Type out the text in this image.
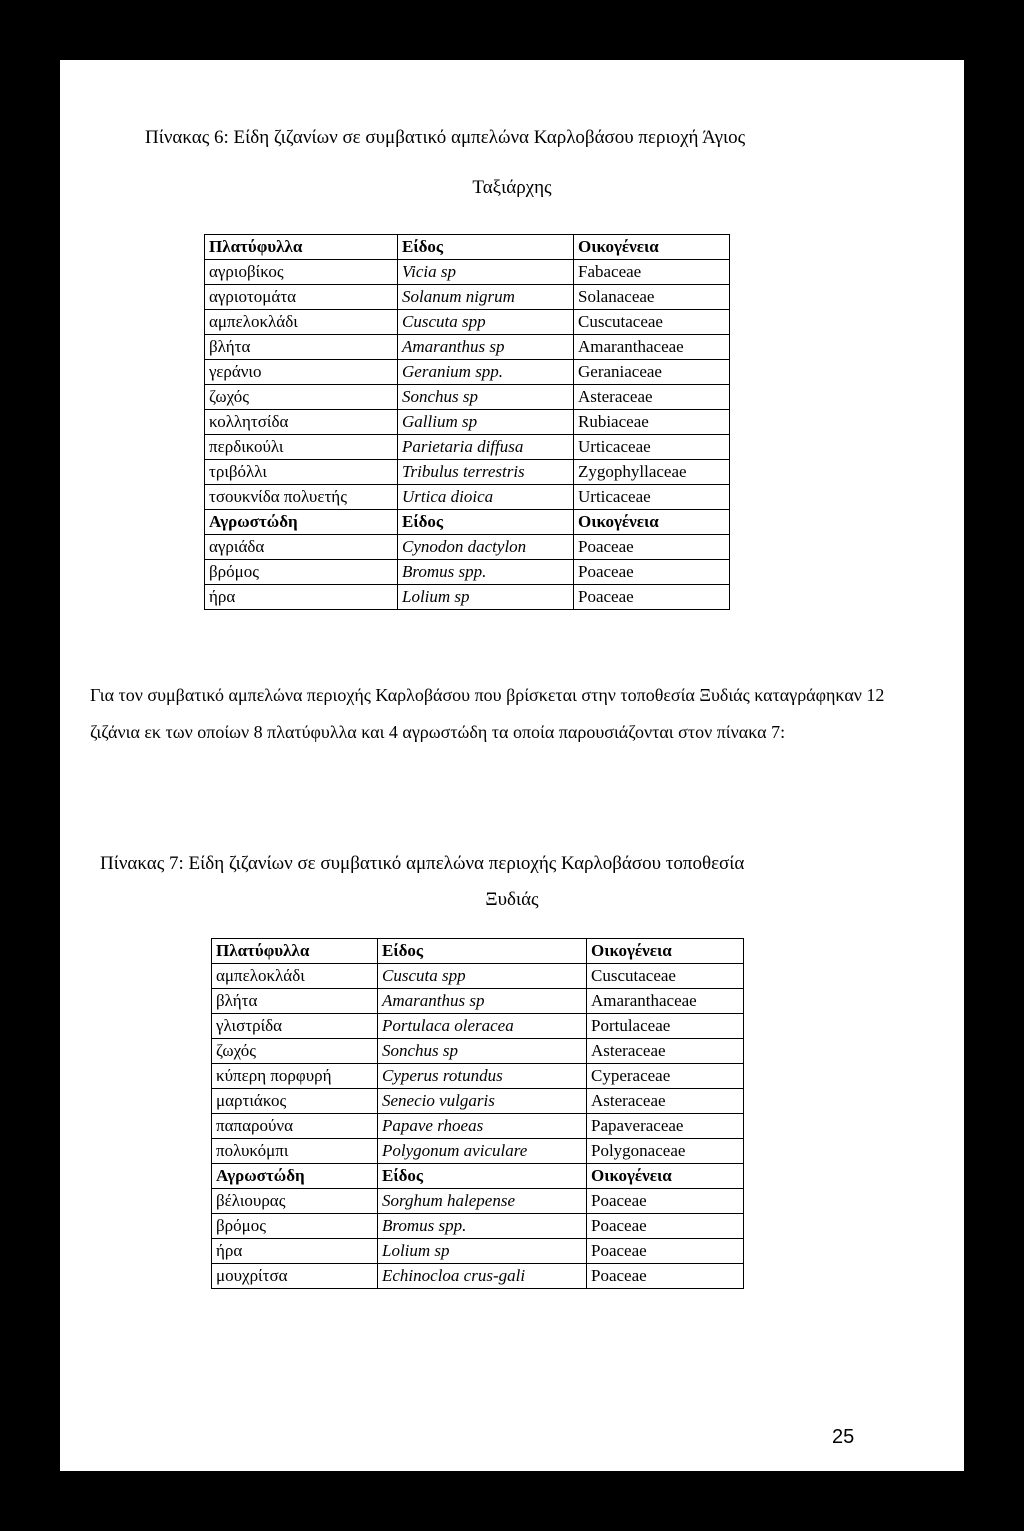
Πίνακας 6: Είδη ζιζανίων σε συμβατικό αμπελώνα Καρλοβάσου περιοχή Άγιος
Ταξιάρχης
Πλατύφυλλα	Είδος	Οικογένεια
αγριοβίκος	Vicia sp	Fabaceae
αγριοτομάτα	Solanum nigrum	Solanaceae
αμπελοκλάδι	Cuscuta spp	Cuscutaceae
βλήτα	Amaranthus sp	Amaranthaceae
γεράνιο	Geranium spp.	Geraniaceae
ζωχός	Sonchus sp	Asteraceae
κολλητσίδα	Gallium sp	Rubiaceae
περδικούλι	Parietaria diffusa	Urticaceae
τριβόλλι	Tribulus terrestris	Zygophyllaceae
τσουκνίδα πολυετής	Urtica dioica	Urticaceae
Αγρωστώδη	Είδος	Οικογένεια
αγριάδα	Cynodon dactylon	Poaceae
βρόμος	Bromus spp.	Poaceae
ήρα	Lolium sp	Poaceae
Για τον συμβατικό αμπελώνα περιοχής Καρλοβάσου που βρίσκεται στην τοποθεσία Ξυδιάς καταγράφηκαν 12 ζιζάνια εκ των οποίων 8 πλατύφυλλα και 4 αγρωστώδη τα οποία παρουσιάζονται στον πίνακα 7:
Πίνακας 7: Είδη ζιζανίων σε συμβατικό αμπελώνα περιοχής Καρλοβάσου τοποθεσία
Ξυδιάς
Πλατύφυλλα	Είδος	Οικογένεια
αμπελοκλάδι	Cuscuta spp	Cuscutaceae
βλήτα	Amaranthus sp	Amaranthaceae
γλιστρίδα	Portulaca oleracea	Portulaceae
ζωχός	Sonchus sp	Asteraceae
κύπερη πορφυρή	Cyperus rotundus	Cyperaceae
μαρτιάκος	Senecio vulgaris	Asteraceae
παπαρούνα	Papave rhoeas	Papaveraceae
πολυκόμπι	Polygonum aviculare	Polygonaceae
Αγρωστώδη	Είδος	Οικογένεια
βέλιουρας	Sorghum halepense	Poaceae
βρόμος	Bromus spp.	Poaceae
ήρα	Lolium sp	Poaceae
μουχρίτσα	Echinocloa crus-gali	Poaceae
25
